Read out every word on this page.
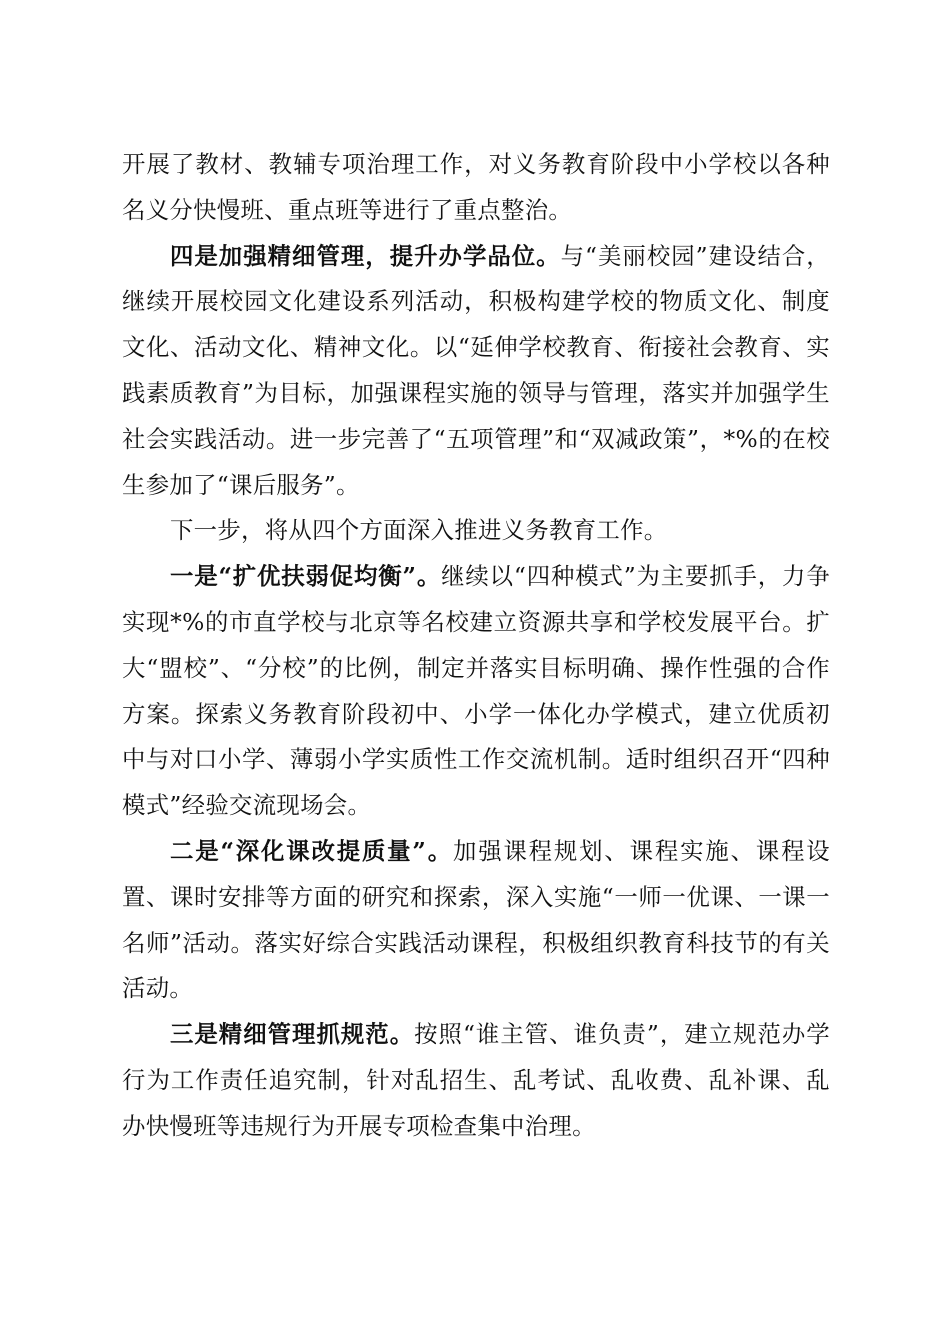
开展了教材、教辅专项治理工作，对义务教育阶段中小学校以各种名义分快慢班、重点班等进行了重点整治。

四是加强精细管理，提升办学品位。与“美丽校园”建设结合，继续开展校园文化建设系列活动，积极构建学校的物质文化、制度文化、活动文化、精神文化。以“延伸学校教育、衔接社会教育、实践素质教育”为目标，加强课程实施的领导与管理，落实并加强学生社会实践活动。进一步完善了“五项管理”和“双减政策”，*%的在校生参加了“课后服务”。

下一步，将从四个方面深入推进义务教育工作。

一是“扩优扶弱促均衡”。继续以“四种模式”为主要抓手，力争实现*%的市直学校与北京等名校建立资源共享和学校发展平台。扩大“盟校”、“分校”的比例，制定并落实目标明确、操作性强的合作方案。探索义务教育阶段初中、小学一体化办学模式，建立优质初中与对口小学、薄弱小学实质性工作交流机制。适时组织召开“四种模式”经验交流现场会。

二是“深化课改提质量”。加强课程规划、课程实施、课程设置、课时安排等方面的研究和探索，深入实施“一师一优课、一课一名师”活动。落实好综合实践活动课程，积极组织教育科技节的有关活动。

三是精细管理抓规范。按照“谁主管、谁负责”，建立规范办学行为工作责任追究制，针对乱招生、乱考试、乱收费、乱补课、乱办快慢班等违规行为开展专项检查集中治理。
